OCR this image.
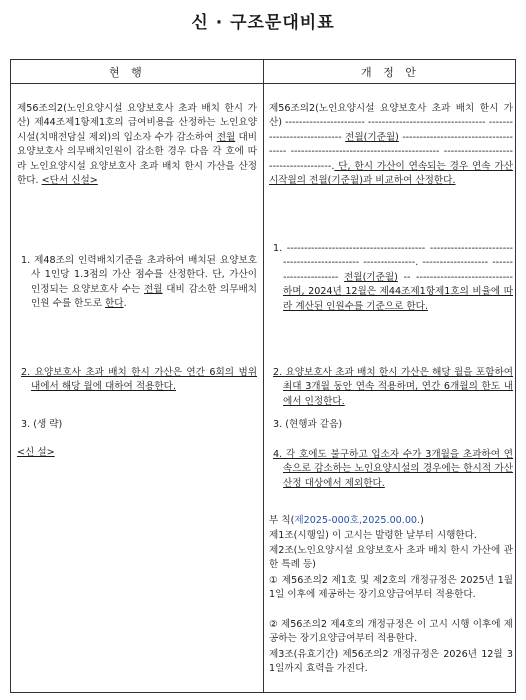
신 · 구조문대비표
현 행	개 정 안

제56조의2(노인요양시설 요양보호사 초과 배치 한시 가산) 제44조제1항제1호의 급여비용을 산정하는 노인요양시설(치매전담실 제외)의 입소자 수가 감소하여 전월 대비 요양보호사 의무배치인원이 감소한 경우 다음 각 호에 따라 노인요양시설 요양보호사 초과 배치 한시 가산을 산정한다. <단서 신설>

1. 제48조의 인력배치기준을 초과하여 배치된 요양보호사 1인당 1.3점의 가산 점수를 산정한다. 단, 가산이 인정되는 요양보호사 수는 전월 대비 감소한 의무배치인원 수를 한도로 한다.

2. 요양보호사 초과 배치 한시 가산은 연간 6회의 범위 내에서 해당 월에 대하여 적용한다.

3. (생 략)

<신 설>

제56조의2(노인요양시설 요양보호사 초과 배치 한시 가산) ----------------------- ---------------------------------- ---------------------------- 전월(기준월) ------------------------------------- ------------------------------------------- --------------------------------------. 단, 한시 가산이 연속되는 경우 연속 가산 시작월의 전월(기준월)과 비교하여 산정한다.

1. ---------------------------------------- ---------------------------------------------- ---------------. ------------------- ---------------------- 전월(기준월) -- ---------------------------- 하며, 2024년 12월은 제44조제1항제1호의 비율에 따라 계산된 인원수를 기준으로 한다.

2. 요양보호사 초과 배치 한시 가산은 해당 월을 포함하여 최대 3개월 동안 연속 적용하며, 연간 6개월의 한도 내에서 인정한다.

3. (현행과 같음)

4. 각 호에도 불구하고 입소자 수가 3개월을 초과하여 연속으로 감소하는 노인요양시설의 경우에는 한시적 가산 산정 대상에서 제외한다.

부 칙(제2025-000호,2025.00.00.)

제1조(시행일) 이 고시는 발령한 날부터 시행한다.

제2조(노인요양시설 요양보호사 초과 배치 한시 가산에 관한 특례 등)

① 제56조의2 제1호 및 제2호의 개정규정은 2025년 1월 1일 이후에 제공하는 장기요양급여부터 적용한다.

② 제56조의2 제4호의 개정규정은 이 고시 시행 이후에 제공하는 장기요양급여부터 적용한다.

제3조(유효기간) 제56조의2 개정규정은 2026년 12월 31일까지 효력을 가진다.
